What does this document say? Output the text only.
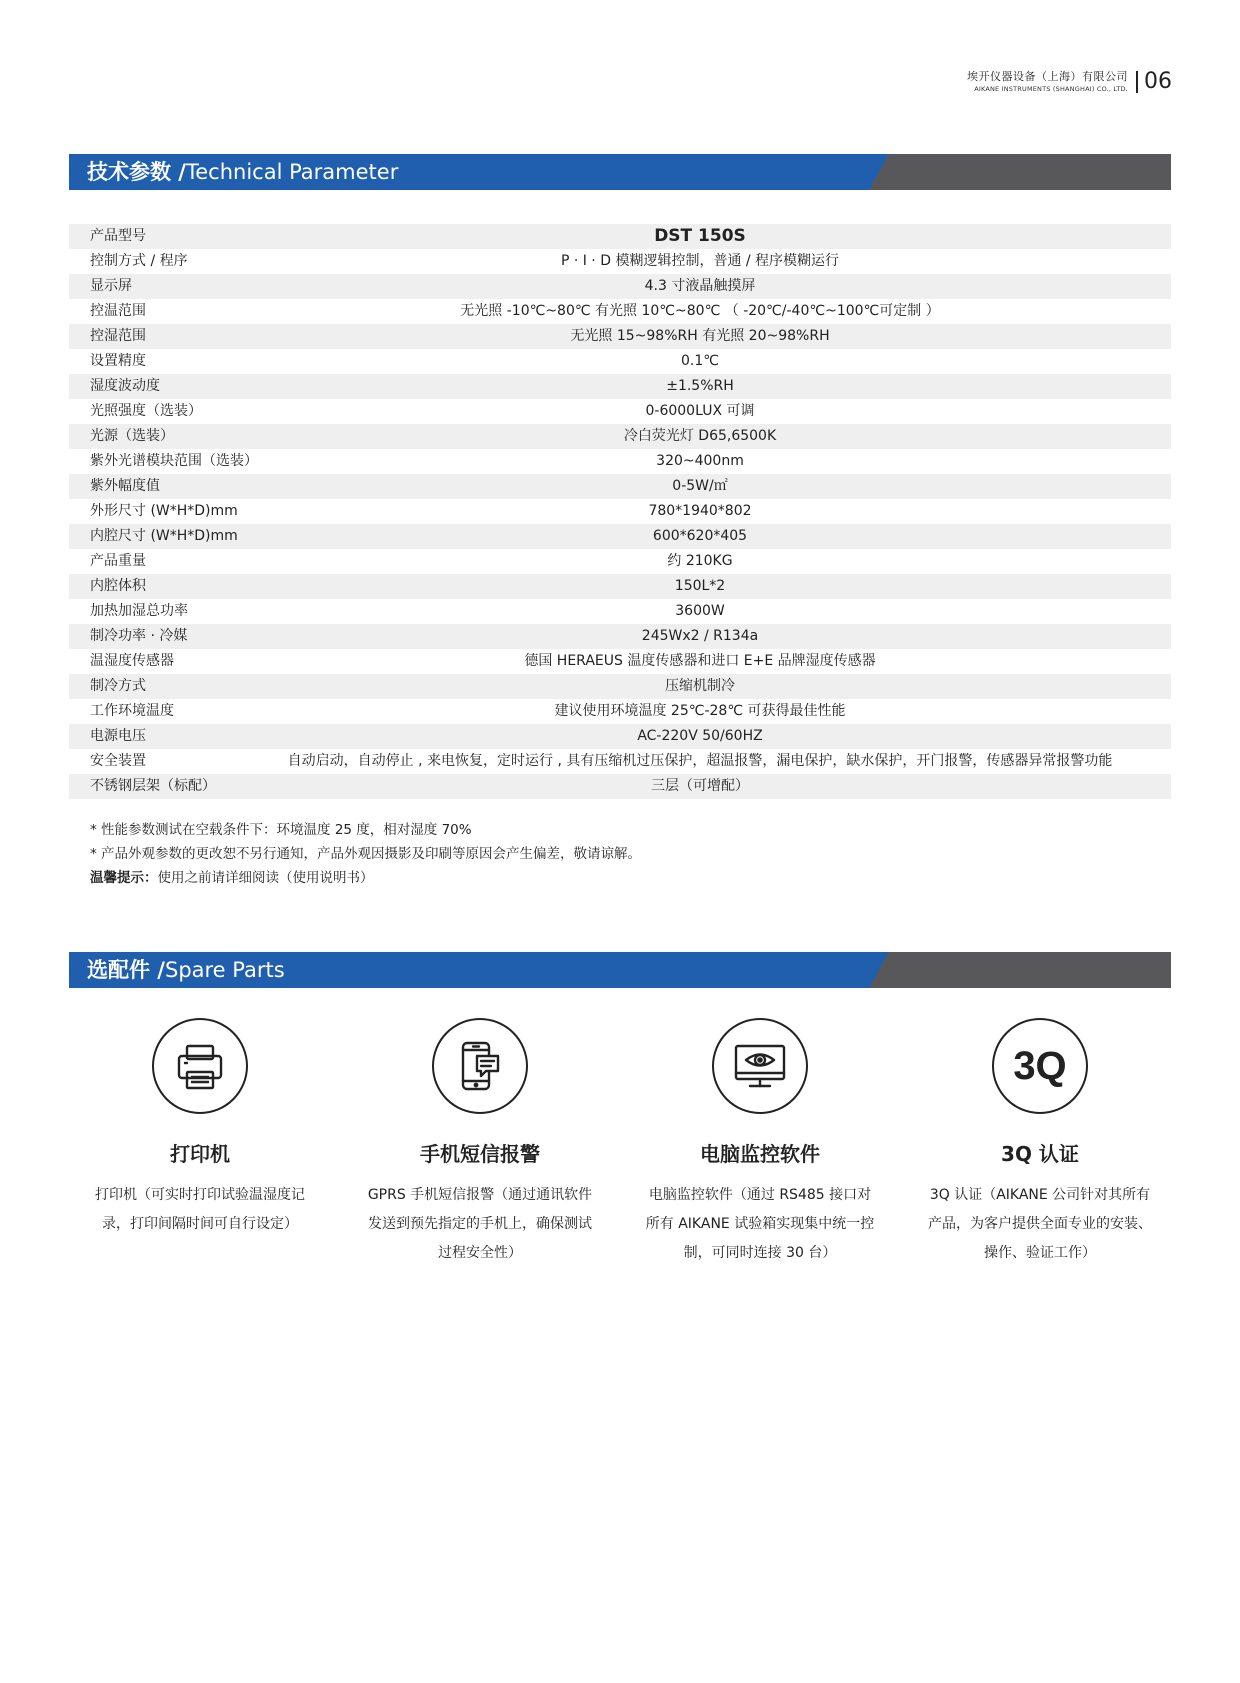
埃开仪器设备（上海）有限公司
AIKANE INSTRUMENTS (SHANGHAI) CO., LTD. 06
技术参数 /Technical Parameter
产品型号	DST 150S
控制方式 / 程序	P · I · D 模糊逻辑控制，普通 / 程序模糊运行
显示屏	4.3 寸液晶触摸屏
控温范围	无光照 -10℃~80℃ 有光照 10℃~80℃ （ -20℃/-40℃~100℃可定制 ）
控湿范围	无光照 15~98%RH 有光照 20~98%RH
设置精度	0.1℃
湿度波动度	±1.5%RH
光照强度（选装）	0-6000LUX 可调
光源（选装）	冷白荧光灯 D65,6500K
紫外光谱模块范围（选装）	320~400nm
紫外幅度值	0-5W/㎡
外形尺寸 (W*H*D)mm	780*1940*802
内腔尺寸 (W*H*D)mm	600*620*405
产品重量	约 210KG
内腔体积	150L*2
加热加湿总功率	3600W
制冷功率 · 冷媒	245Wx2 / R134a
温湿度传感器	德国 HERAEUS 温度传感器和进口 E+E 品牌湿度传感器
制冷方式	压缩机制冷
工作环境温度	建议使用环境温度 25℃-28℃ 可获得最佳性能
电源电压	AC-220V 50/60HZ
安全装置	自动启动，自动停止 , 来电恢复，定时运行 , 具有压缩机过压保护，超温报警，漏电保护，缺水保护，开门报警，传感器异常报警功能
不锈钢层架（标配）	三层（可增配）
* 性能参数测试在空载条件下：环境温度 25 度，相对湿度 70%
* 产品外观参数的更改恕不另行通知，产品外观因摄影及印刷等原因会产生偏差，敬请谅解。
温馨提示：使用之前请详细阅读（使用说明书）
选配件 /Spare Parts
打印机
打印机（可实时打印试验温湿度记录，打印间隔时间可自行设定）
手机短信报警
GPRS 手机短信报警（通过通讯软件发送到预先指定的手机上，确保测试过程安全性）
电脑监控软件
电脑监控软件（通过 RS485 接口对所有 AIKANE 试验箱实现集中统一控制，可同时连接 30 台）
3Q
3Q 认证
3Q 认证（AIKANE 公司针对其所有产品，为客户提供全面专业的安装、操作、验证工作）
